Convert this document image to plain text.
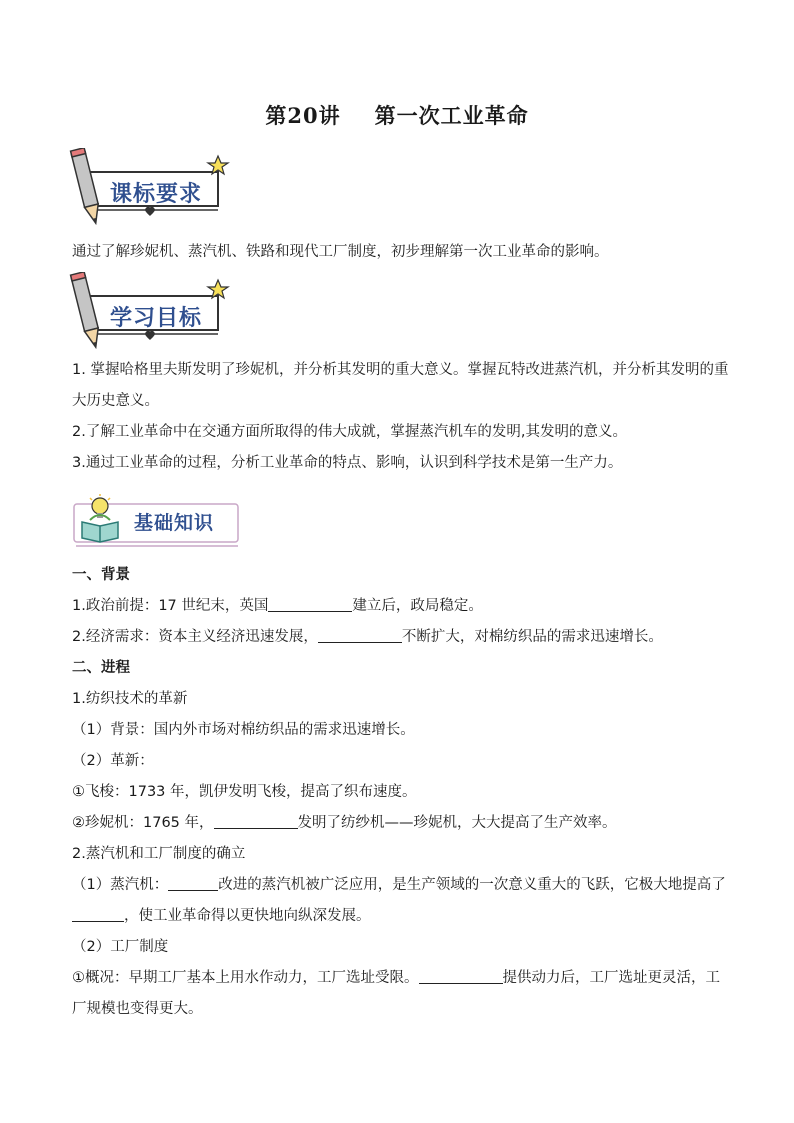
第20讲 第一次工业革命
课标要求
通过了解珍妮机、蒸汽机、铁路和现代工厂制度，初步理解第一次工业革命的影响。
学习目标
1. 掌握哈格里夫斯发明了珍妮机，并分析其发明的重大意义。掌握瓦特改进蒸汽机，并分析其发明的重大历史意义。
2.了解工业革命中在交通方面所取得的伟大成就，掌握蒸汽机车的发明,其发明的意义。
3.通过工业革命的过程，分析工业革命的特点、影响，认识到科学技术是第一生产力。
基础知识
一、背景
1.政治前提：17 世纪末，英国	建立后，政局稳定。
2.经济需求：资本主义经济迅速发展，	不断扩大，对棉纺织品的需求迅速增长。
二、进程
1.纺织技术的革新
（1）背景：国内外市场对棉纺织品的需求迅速增长。
（2）革新：
①飞梭：1733 年，凯伊发明飞梭，提高了织布速度。
②珍妮机：1765 年，	发明了纺纱机——珍妮机，大大提高了生产效率。
2.蒸汽机和工厂制度的确立
（1）蒸汽机：	改进的蒸汽机被广泛应用，是生产领域的一次意义重大的飞跃，它极大地提高了，使工业革命得以更快地向纵深发展。
（2）工厂制度
①概况：早期工厂基本上用水作动力，工厂选址受限。	提供动力后，工厂选址更灵活，工厂规模也变得更大。
